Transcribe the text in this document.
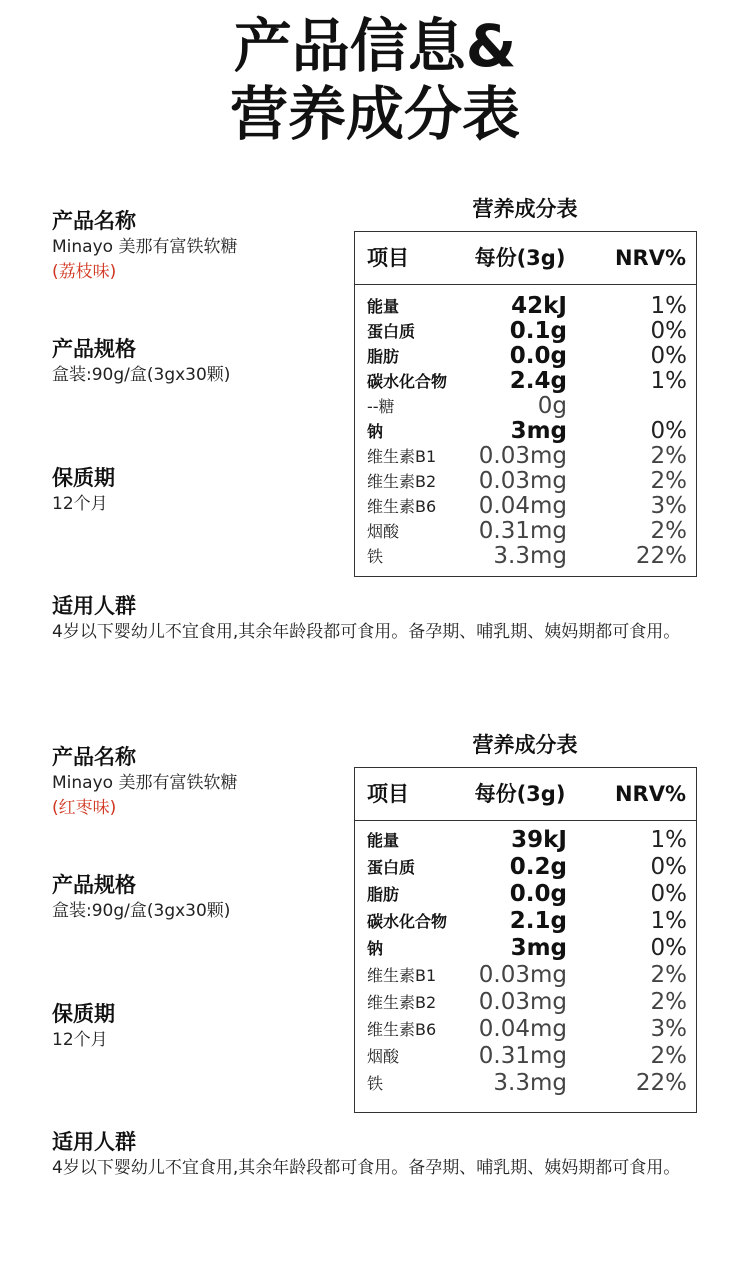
产品信息&
营养成分表
产品名称
Minayo 美那有富铁软糖
(荔枝味)
产品规格
盒装:90g/盒(3gx30颗)
保质期
12个月
适用人群
4岁以下婴幼儿不宜食用,其余年龄段都可食用。备孕期、哺乳期、姨妈期都可食用。
营养成分表
项目	每份(3g) NRV%
能量	42kJ	1%
蛋白质	0.1g	0%
脂肪	0.0g	0%
碳水化合物	2.4g	1%
--糖	0g
钠	3mg	0%
维生素B1 0.03mg	2%
维生素B2 0.03mg	2%
维生素B6 0.04mg	3%
烟酸	0.31mg	2%
铁	3.3mg	22%
产品名称
Minayo 美那有富铁软糖
(红枣味)
产品规格
盒装:90g/盒(3gx30颗)
保质期
12个月
适用人群
4岁以下婴幼儿不宜食用,其余年龄段都可食用。备孕期、哺乳期、姨妈期都可食用。
营养成分表
项目	每份(3g) NRV%
能量	39kJ	1%
蛋白质	0.2g	0%
脂肪	0.0g	0%
碳水化合物	2.1g	1%
钠	3mg	0%
维生素B1 0.03mg	2%
维生素B2 0.03mg	2%
维生素B6 0.04mg	3%
烟酸	0.31mg	2%
铁	3.3mg	22%
